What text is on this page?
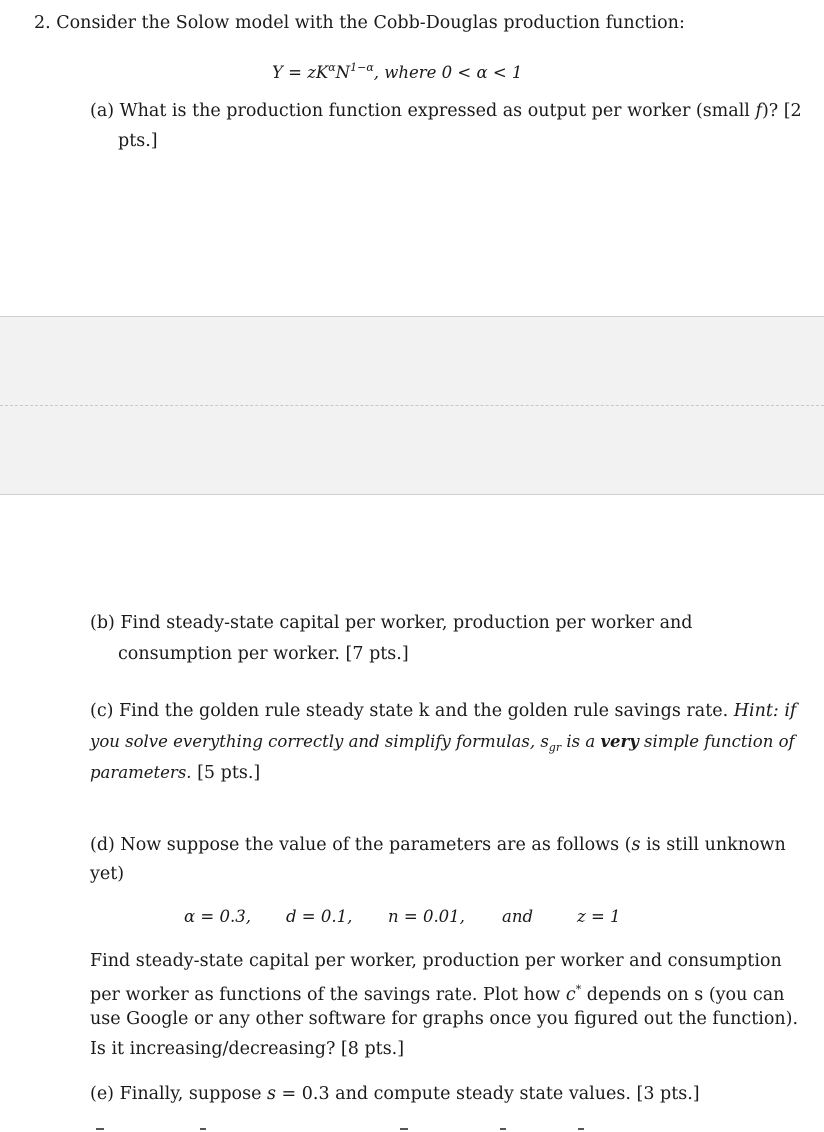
2. Consider the Solow model with the Cobb-Douglas production function:
$Y = zK^\alpha N^{1-\alpha}$, where 0 < α < 1
(a) What is the production function expressed as output per worker (small f)? [2
pts.]
(b) Find steady-state capital per worker, production per worker and
consumption per worker. [7 pts.]
(c) Find the golden rule steady state k and the golden rule savings rate. Hint: if
you solve everything correctly and simplify formulas, $s_{gr}$ is a very simple function of
parameters. [5 pts.]
(d) Now suppose the value of the parameters are as follows (s is still unknown
yet)
α = 0.3, d = 0.1, n = 0.01, and	z = 1
Find steady-state capital per worker, production per worker and consumption
per worker as functions of the savings rate. Plot how c* depends on s (you can
use Google or any other software for graphs once you figured out the function).
Is it increasing/decreasing? [8 pts.]
(e) Finally, suppose s = 0.3 and compute steady state values. [3 pts.]
